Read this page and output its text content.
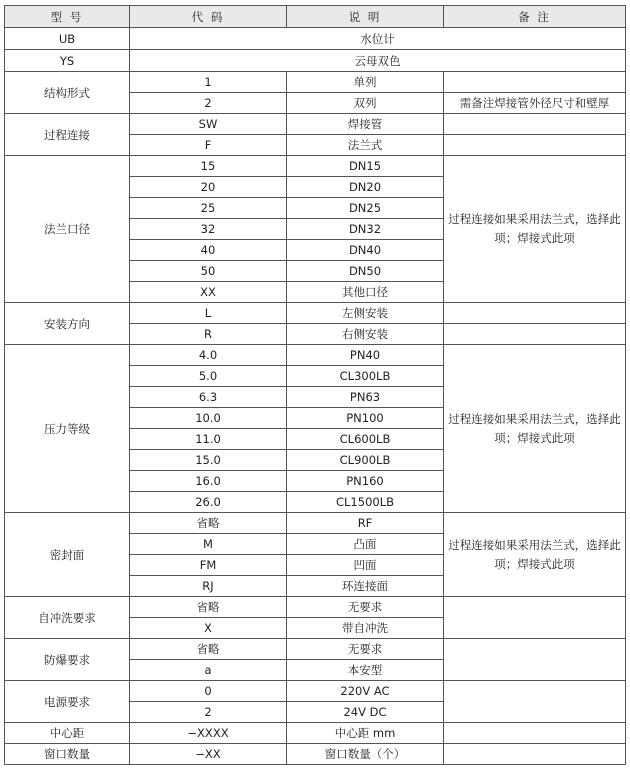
型 号	代 码	说 明	备 注
UB	水位计		
YS	云母双色		
结构形式	1	单列	
	2	双列	需备注焊接管外径尺寸和壁厚
过程连接	SW	焊接管	
	F	法兰式	
法兰口径	15	DN15	过程连接如果采用法兰式，选择此项；焊接式此项
	20	DN20	
	25	DN25	
	32	DN32	
	40	DN40	
	50	DN50	
	XX	其他口径	
安装方向	L	左侧安装	
	R	右侧安装	
压力等级	4.0	PN40	过程连接如果采用法兰式，选择此项；焊接式此项
	5.0	CL300LB	
	6.3	PN63	
	10.0	PN100	
	11.0	CL600LB	
	15.0	CL900LB	
	16.0	PN160	
	26.0	CL1500LB	
密封面	省略	RF	过程连接如果采用法兰式，选择此项；焊接式此项
	M	凸面	
	FM	凹面	
	RJ	环连接面	
自冲洗要求	省略	无要求	
	X	带自冲洗	
防爆要求	省略	无要求	
	a	本安型	
电源要求	0	220V AC	
	2	24V DC	
中心距	−XXXX	中心距 mm	
窗口数量	−XX	窗口数量（个）	
